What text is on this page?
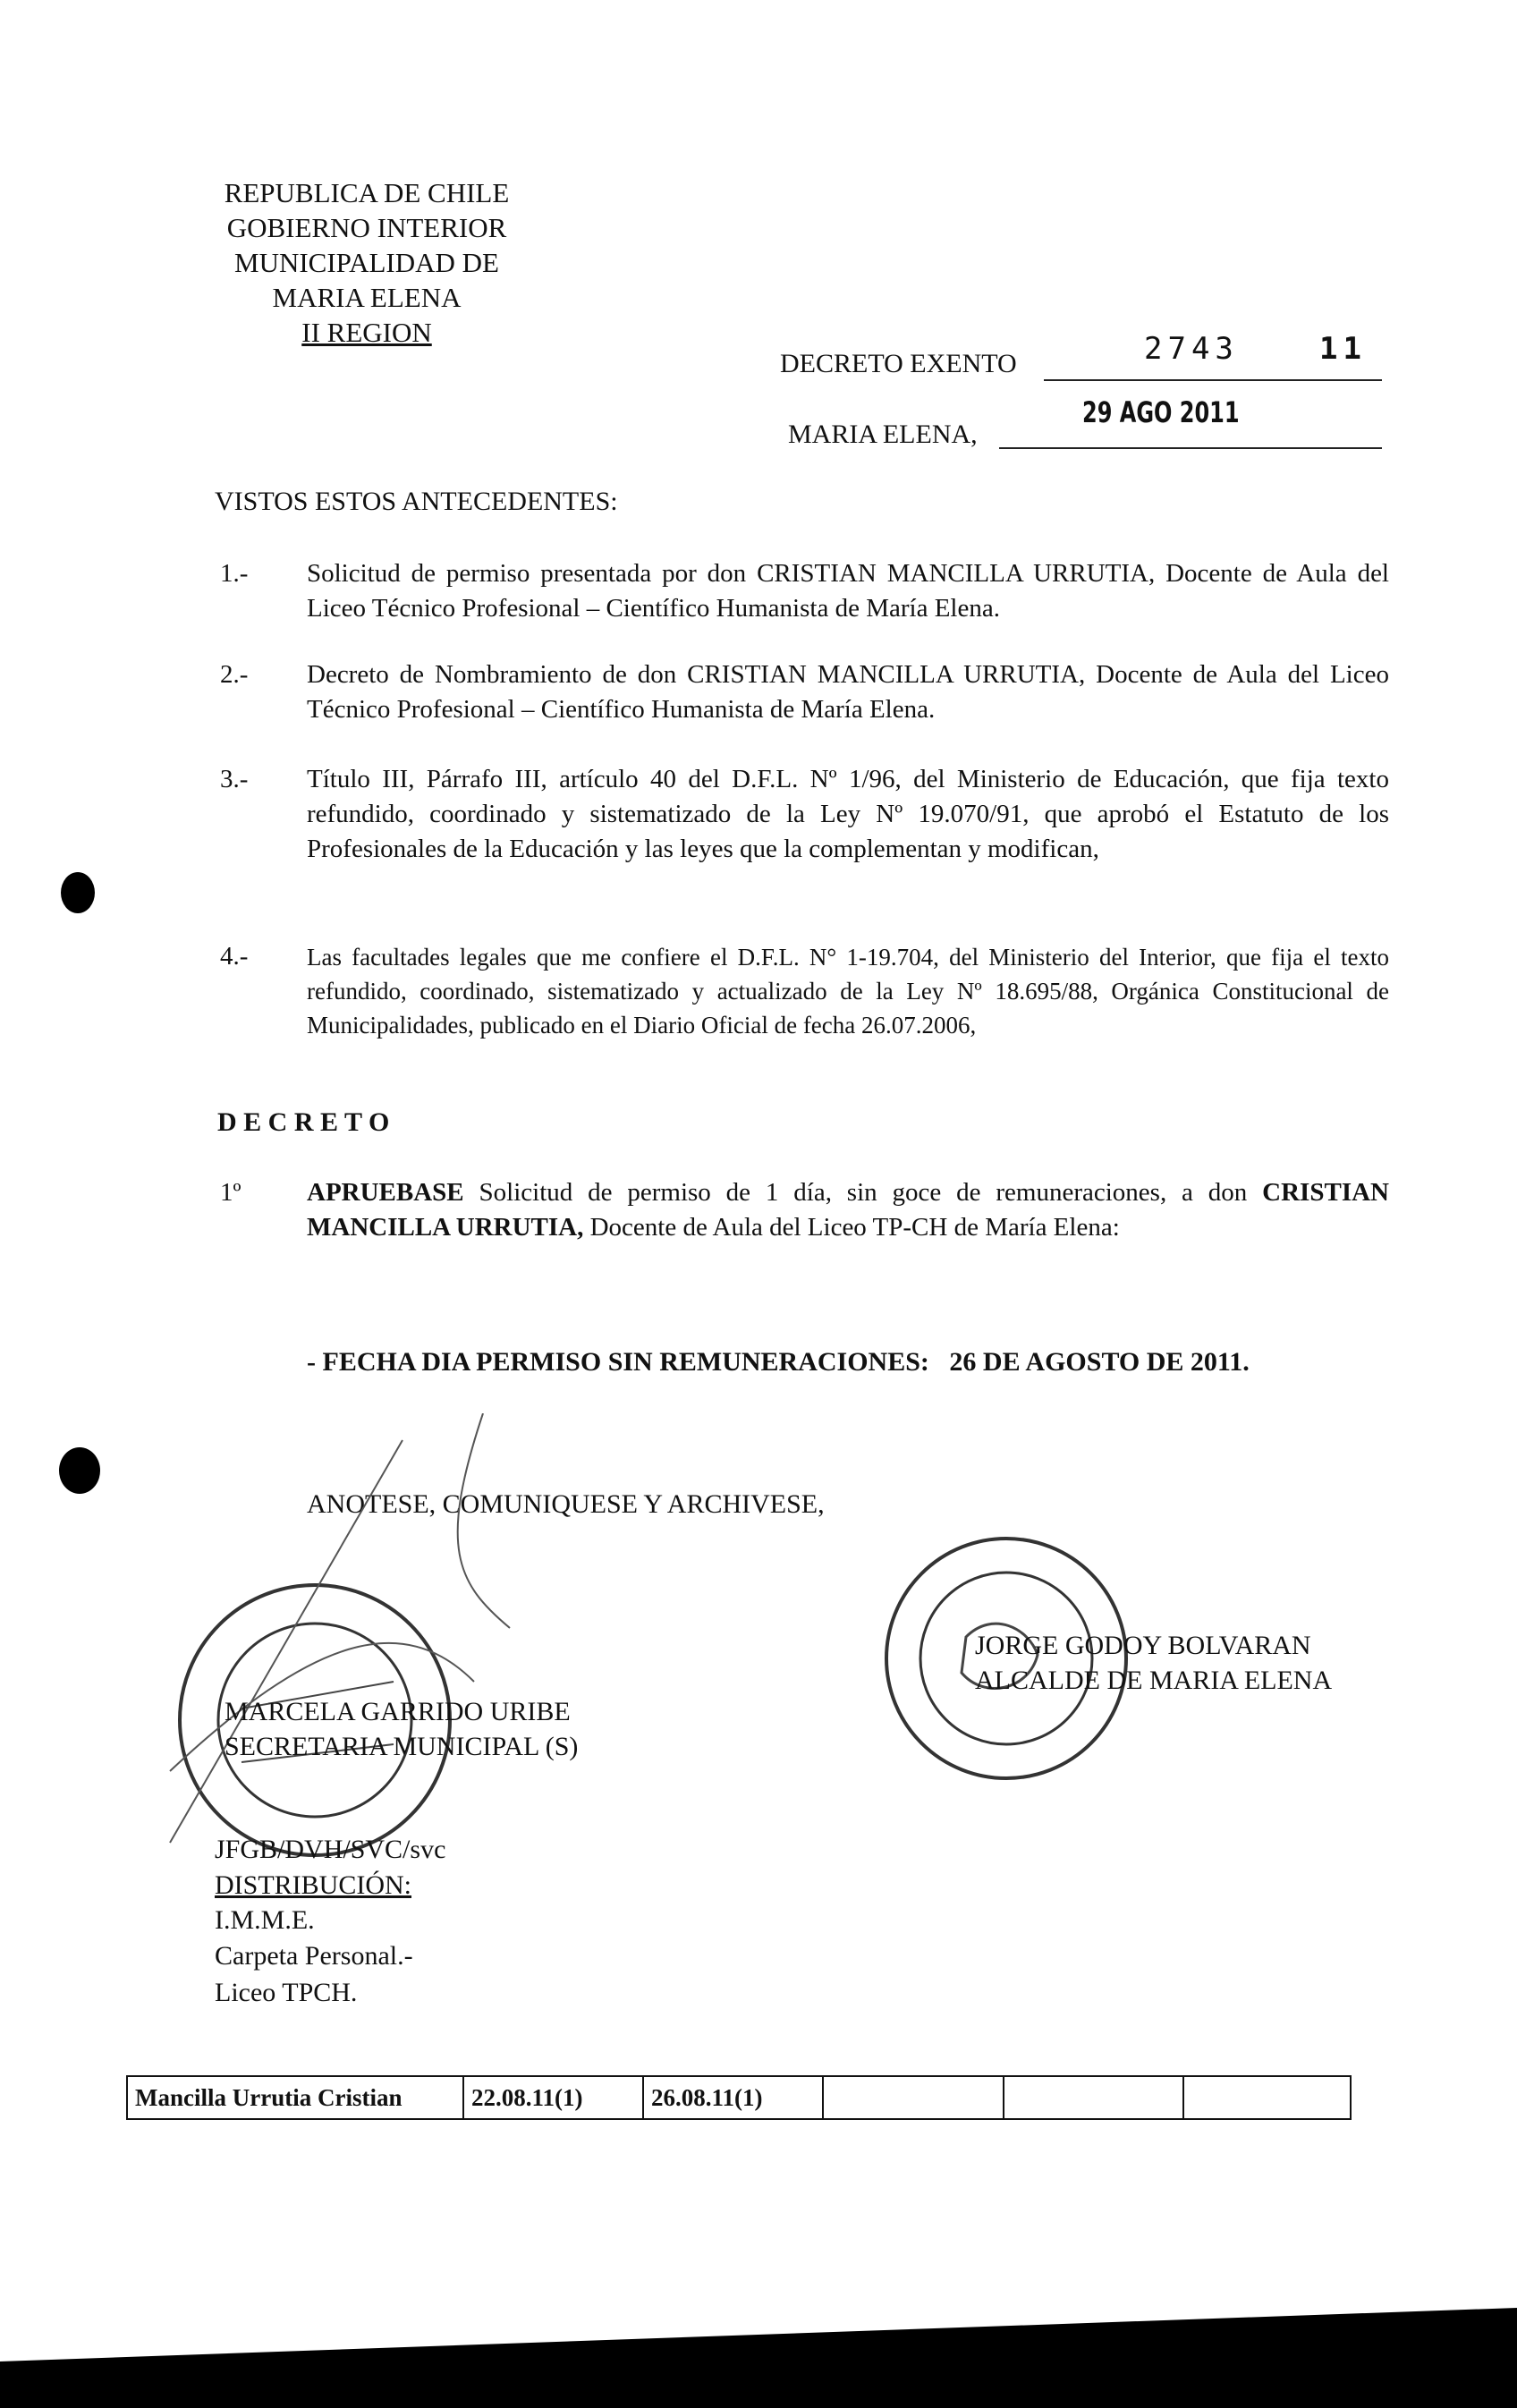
REPUBLICA DE CHILE
GOBIERNO INTERIOR
MUNICIPALIDAD DE
MARIA ELENA
II REGION
DECRETO EXENTO	2743	11
MARIA ELENA,
29 AGO 2011
VISTOS ESTOS ANTECEDENTES:
1.- Solicitud de permiso presentada por don CRISTIAN MANCILLA URRUTIA, Docente de Aula del Liceo Técnico Profesional – Científico Humanista de María Elena.
2.- Decreto de Nombramiento de don CRISTIAN MANCILLA URRUTIA, Docente de Aula del Liceo Técnico Profesional – Científico Humanista de María Elena.
3.- Título III, Párrafo III, artículo 40 del D.F.L. Nº 1/96, del Ministerio de Educación, que fija texto refundido, coordinado y sistematizado de la Ley Nº 19.070/91, que aprobó el Estatuto de los Profesionales de la Educación y las leyes que la complementan y modifican,
4.- Las facultades legales que me confiere el D.F.L. N° 1-19.704, del Ministerio del Interior, que fija el texto refundido, coordinado, sistematizado y actualizado de la Ley Nº 18.695/88, Orgánica Constitucional de Municipalidades, publicado en el Diario Oficial de fecha 26.07.2006,
D E C R E T O
1º	APRUEBASE Solicitud de permiso de 1 día, sin goce de remuneraciones, a don CRISTIAN MANCILLA URRUTIA, Docente de Aula del Liceo TP-CH de María Elena:
- FECHA DIA PERMISO SIN REMUNERACIONES:   26 DE AGOSTO DE 2011.
ANOTESE, COMUNIQUESE Y ARCHIVESE,
MARCELA GARRIDO URIBE
SECRETARIA MUNICIPAL (S)
JORGE GODOY BOLVARAN
ALCALDE DE MARIA ELENA
JFGB/DVH/SVC/svc
DISTRIBUCIÓN:
I.M.M.E.
Carpeta Personal.-
Liceo TPCH.
Mancilla Urrutia Cristian	22.08.11(1)	26.08.11(1)			
